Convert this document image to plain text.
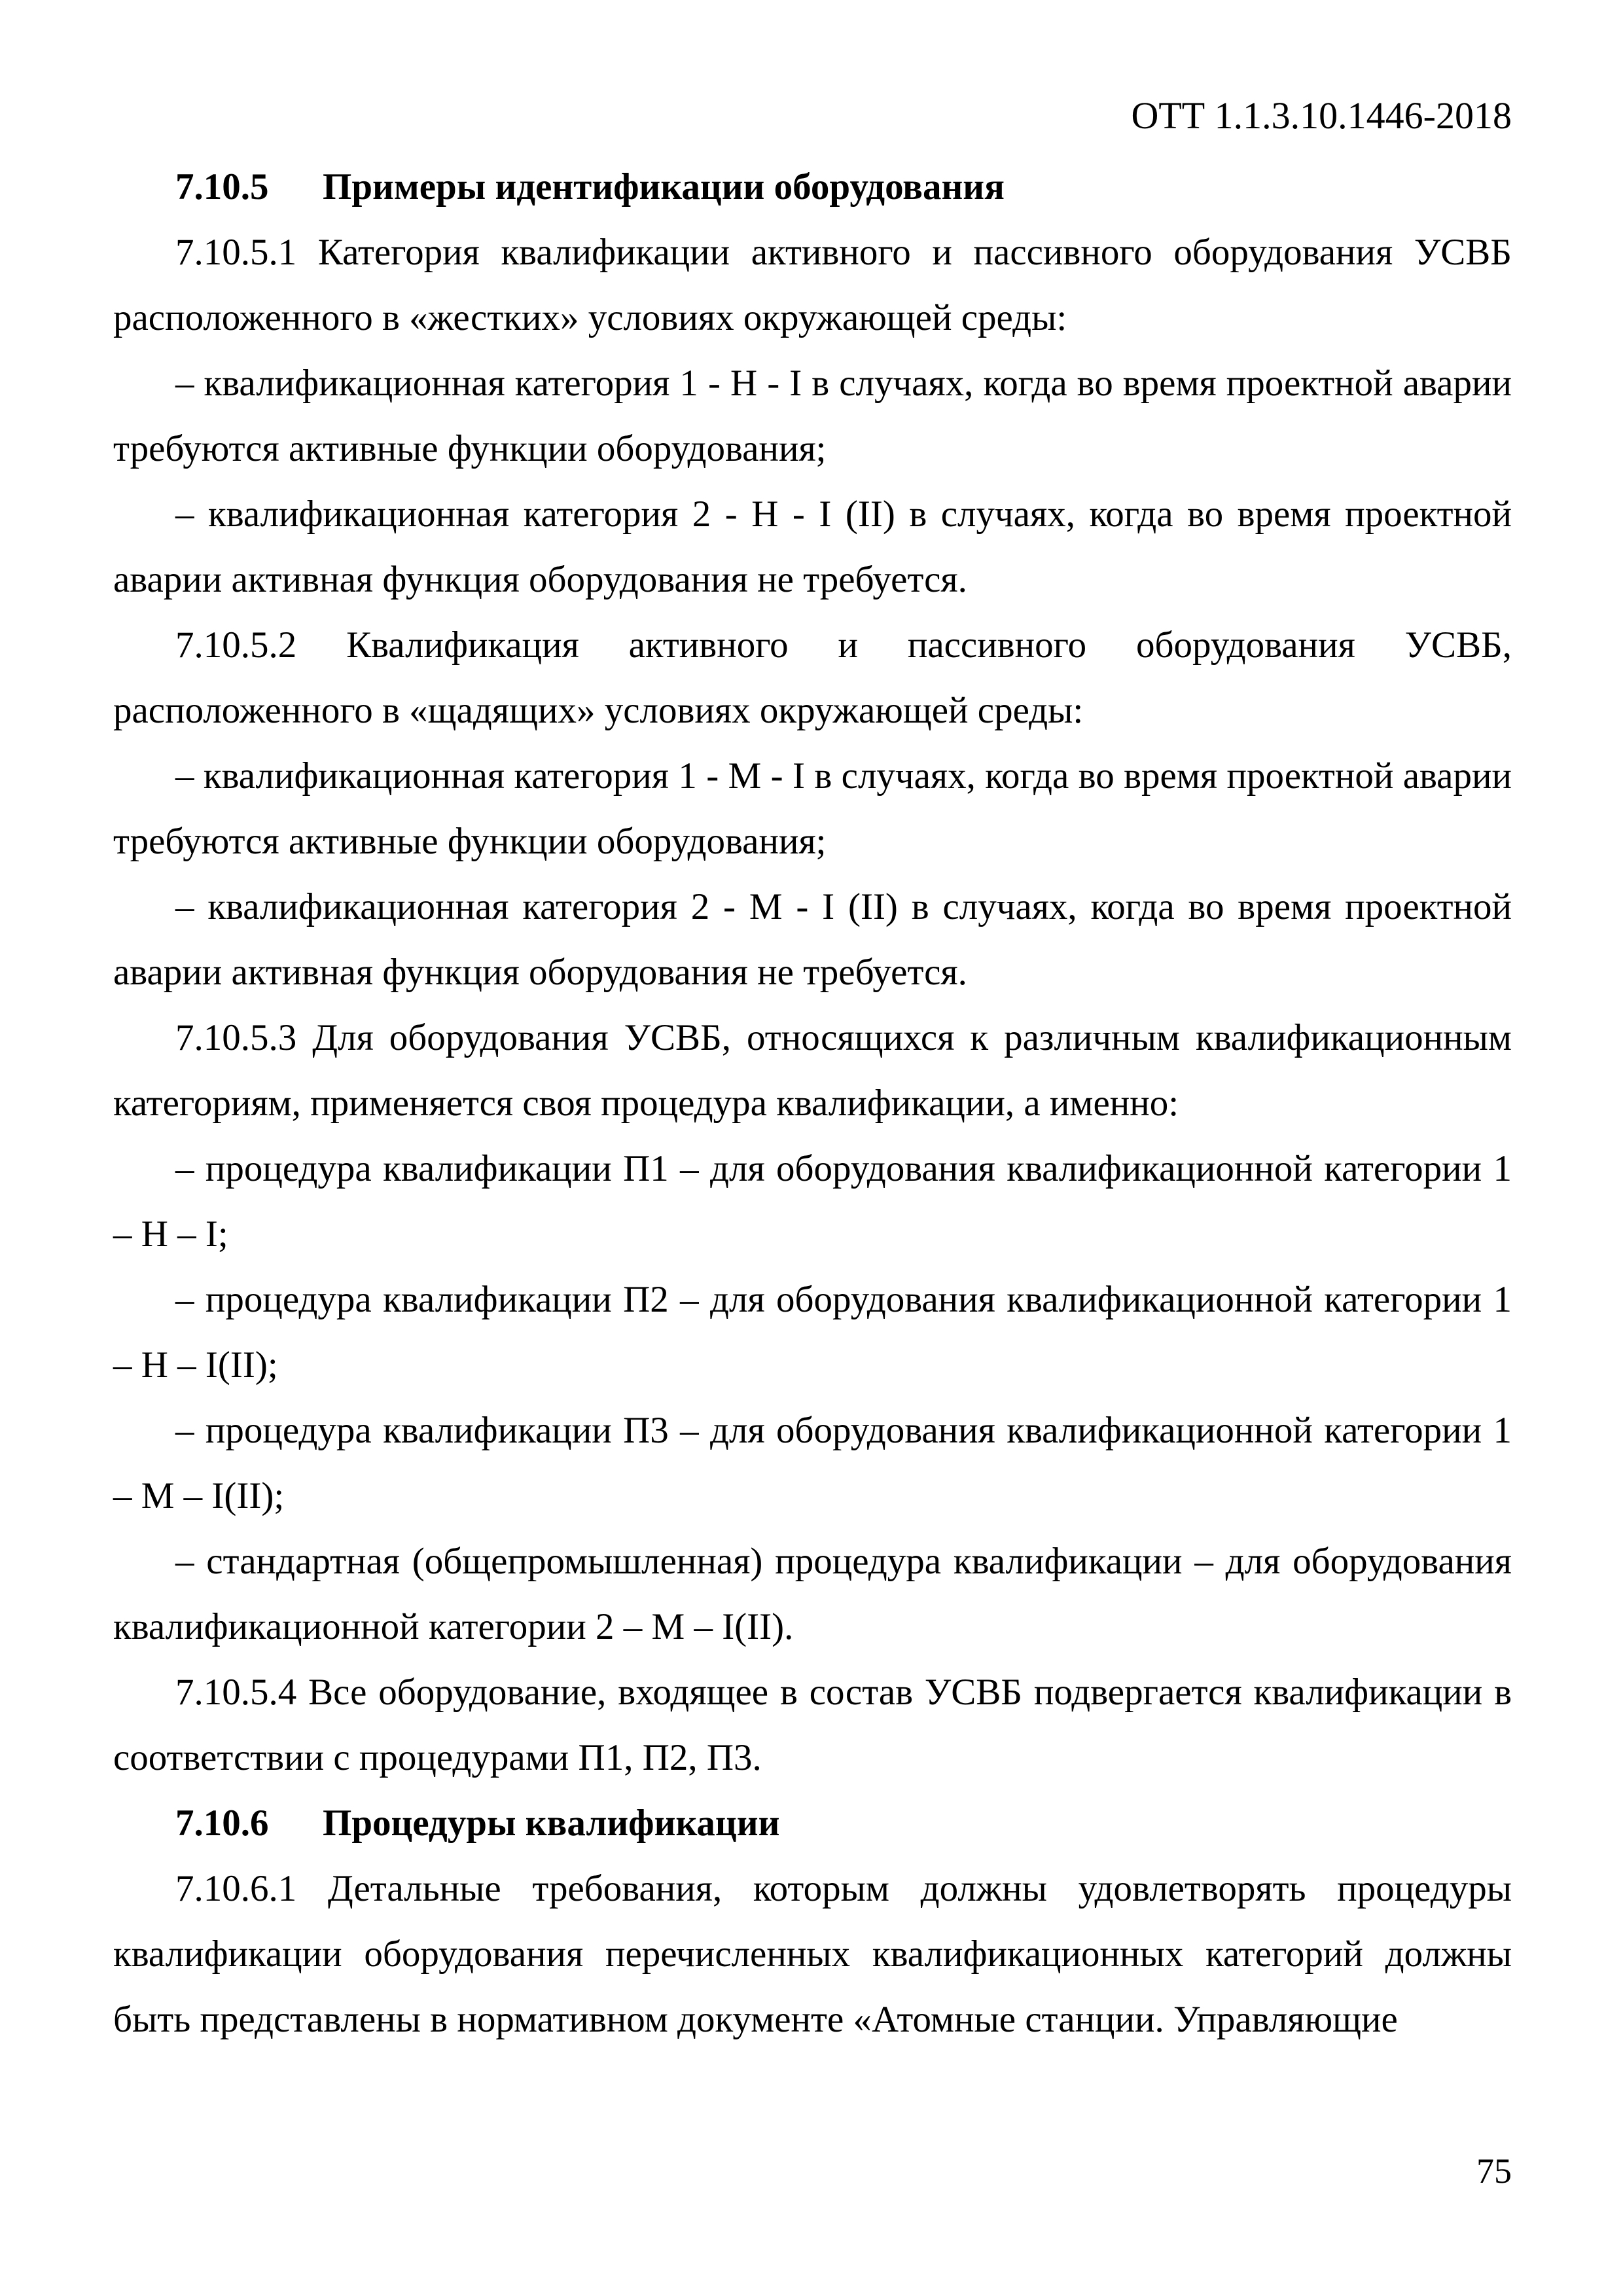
ОТТ 1.1.3.10.1446-2018

7.10.5 Примеры идентификации оборудования

7.10.5.1 Категория квалификации активного и пассивного оборудования УСВБ расположенного в «жестких» условиях окружающей среды:

– квалификационная категория 1 - Н - I в случаях, когда во время проектной аварии требуются активные функции оборудования;

– квалификационная категория 2 - Н - I (II) в случаях, когда во время проектной аварии активная функция оборудования не требуется.

7.10.5.2 Квалификация активного и пассивного оборудования УСВБ, расположенного в «щадящих» условиях окружающей среды:

– квалификационная категория 1 - М - I в случаях, когда во время проектной аварии требуются активные функции оборудования;

– квалификационная категория 2 - М - I (II) в случаях, когда во время проектной аварии активная функция оборудования не требуется.

7.10.5.3 Для оборудования УСВБ, относящихся к различным квалификационным категориям, применяется своя процедура квалификации, а именно:

– процедура квалификации П1 – для оборудования квалификационной категории 1 – Н – I;

– процедура квалификации П2 – для оборудования квалификационной категории 1 – Н – I(II);

– процедура квалификации П3 – для оборудования квалификационной категории 1 – М – I(II);

– стандартная (общепромышленная) процедура квалификации – для оборудования квалификационной категории 2 – М – I(II).

7.10.5.4 Все оборудование, входящее в состав УСВБ подвергается квалификации в соответствии с процедурами П1, П2, П3.

7.10.6 Процедуры квалификации

7.10.6.1 Детальные требования, которым должны удовлетворять процедуры квалификации оборудования перечисленных квалификационных категорий должны быть представлены в нормативном документе «Атомные станции. Управляющие

75
